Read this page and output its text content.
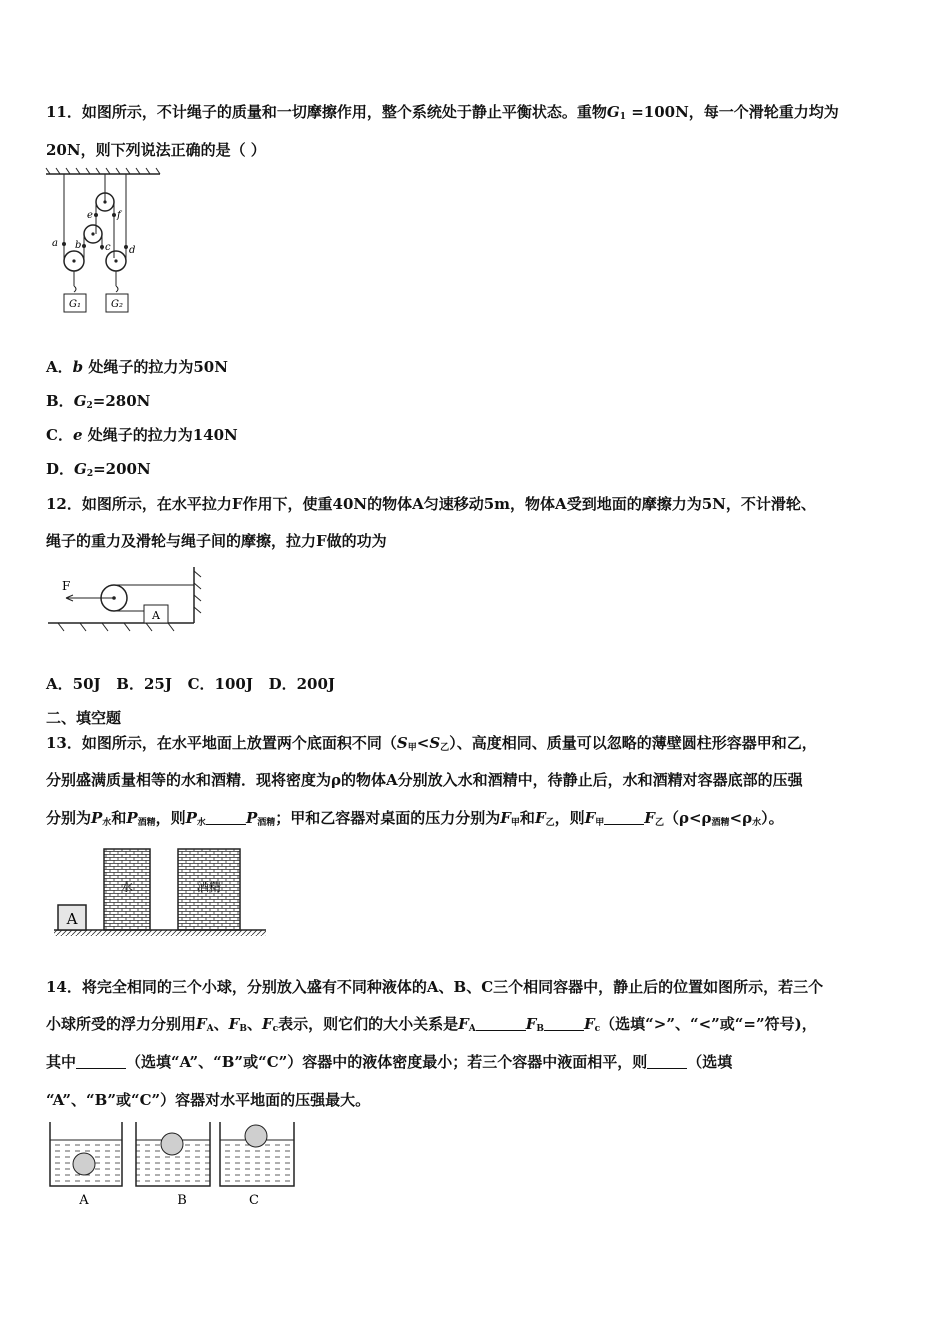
11．如图所示，不计绳子的质量和一切摩擦作用，整个系统处于静止平衡状态。重物$G_1 =100N$，每一个滑轮重力均为
20N，则下列说法正确的是（ ）
G₁	G₂
a b c d
e f
A．b 处绳子的拉力为50N
B．$G_2=280N$
C．e 处绳子的拉力为140N
D．$G_2=200N$
12．如图所示，在水平拉力F作用下，使重40N的物体A匀速移动5m，物体A受到地面的摩擦力为5N，不计滑轮、
绳子的重力及滑轮与绳子间的摩擦，拉力F做的功为
F
A
A．50J   B．25J   C．100J   D．200J
二、填空题
13．如图所示，在水平地面上放置两个底面积不同$(S_甲<S_乙)$、高度相同、质量可以忽略的薄壁圆柱形容器甲和乙，
分别盛满质量相等的水和酒精．现将密度为ρ的物体A分别放入水和酒精中，待静止后，水和酒精对容器底部的压强
分别为$P_水$和$P_{酒精}$，则$P_水$	$P_{酒精}$；甲和乙容器对桌面的压力分别为$F_甲$和$F_乙$，则$F_甲$	$F_乙(\rho<\rho_{酒精}<\rho_水)$。
A
水	酒精
14．将完全相同的三个小球，分别放入盛有不同种液体的A、B、C三个相同容器中，静止后的位置如图所示，若三个
小球所受的浮力分别用$F_A$、$F_B$、$F_c$表示，则它们的大小关系是$F_A$	$F_B$	$F_c$（选填“>”、“<”或“=”符号)，
其中	（选填“A”、“B”或“C”）容器中的液体密度最小；若三个容器中液面相平，则	（选填
“A”、“B”或“C”）容器对水平地面的压强最大。
A	B	C
